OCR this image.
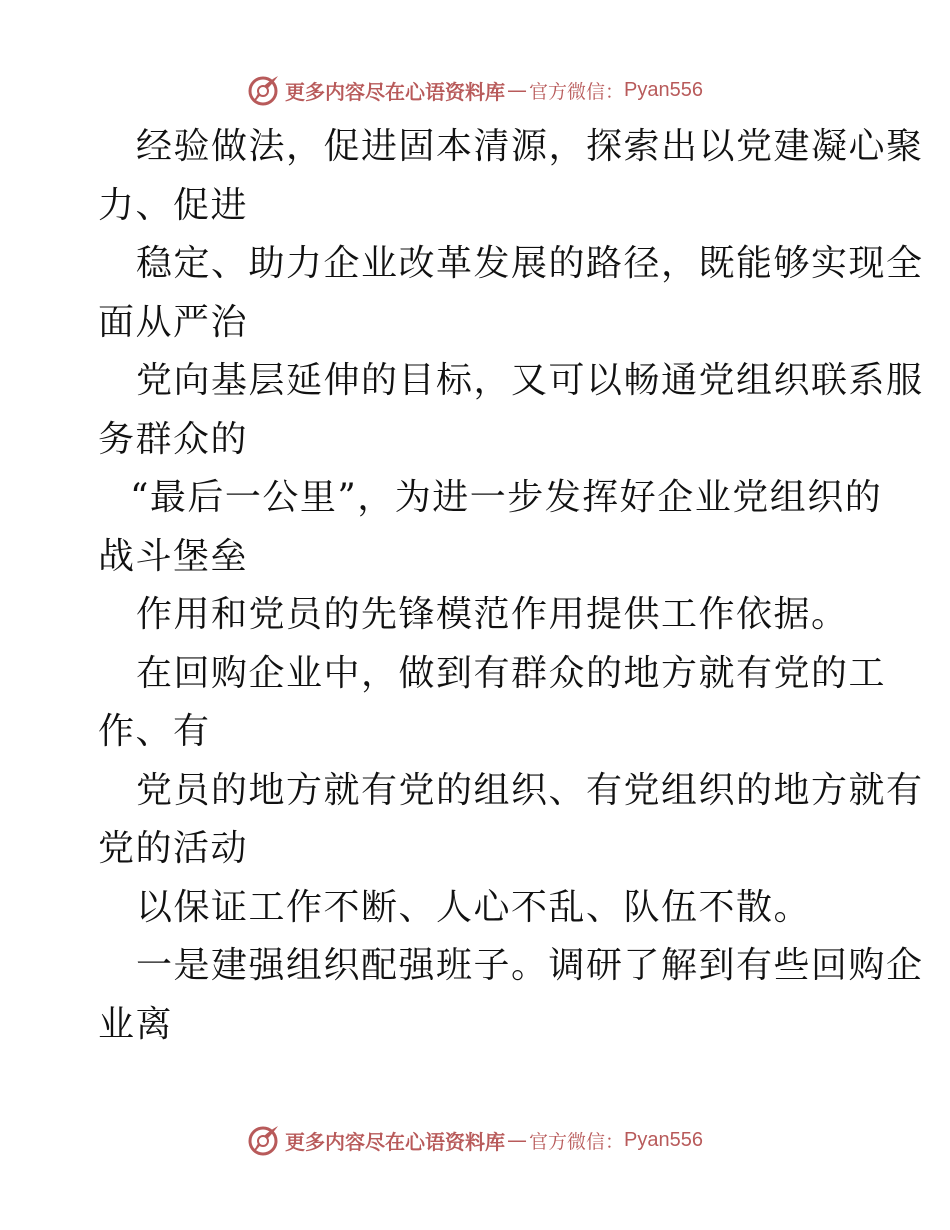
更多内容尽在心语资料库 — 官方微信： Pyan556
经验做法，促进固本清源，探索出以党建凝心聚
力、促进
稳定、助力企业改革发展的路径，既能够实现全
面从严治
党向基层延伸的目标，又可以畅通党组织联系服
务群众的
“最后一公里”，为进一步发挥好企业党组织的
战斗堡垒
作用和党员的先锋模范作用提供工作依据。
在回购企业中，做到有群众的地方就有党的工
作、有
党员的地方就有党的组织、有党组织的地方就有
党的活动
以保证工作不断、人心不乱、队伍不散。
一是建强组织配强班子。调研了解到有些回购企
业离
更多内容尽在心语资料库 — 官方微信： Pyan556
